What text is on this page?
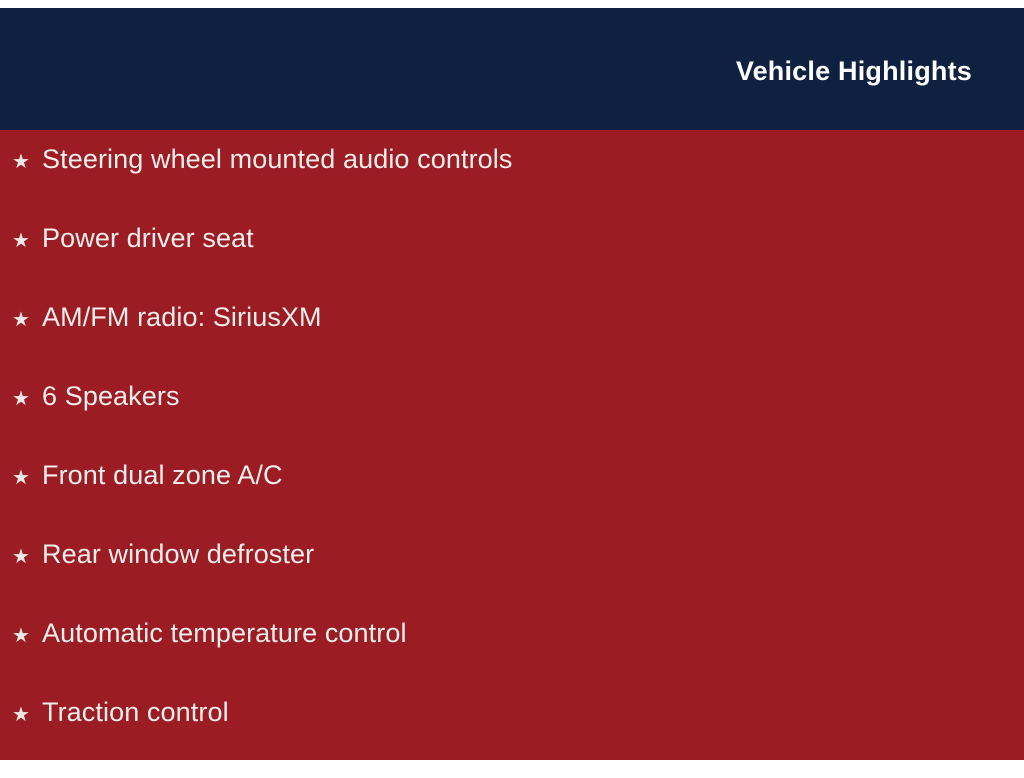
Vehicle Highlights
★ Steering wheel mounted audio controls
★ Power driver seat
★ AM/FM radio: SiriusXM
★ 6 Speakers
★ Front dual zone A/C
★ Rear window defroster
★ Automatic temperature control
★ Traction control
